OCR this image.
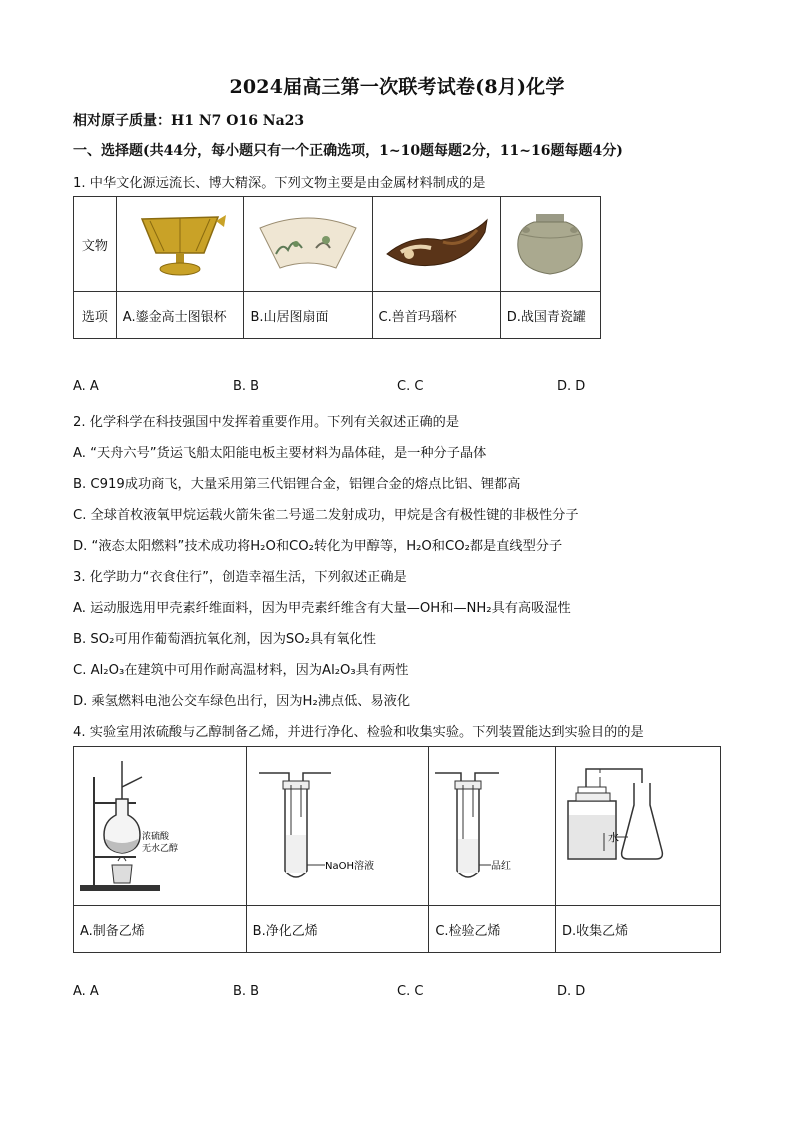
2024届高三第一次联考试卷(8月)化学
相对原子质量：H1 N7 O16 Na23
一、选择题(共44分，每小题只有一个正确选项，1~10题每题2分，11~16题每题4分)
1. 中华文化源远流长、博大精深。下列文物主要是由金属材料制成的是
文物	

选项	A.鎏金高士图银杯	B.山居图扇面	C.兽首玛瑙杯	D.战国青瓷罐
A. A	B. B	C. C	D. D
2. 化学科学在科技强国中发挥着重要作用。下列有关叙述正确的是
A. “天舟六号”货运飞船太阳能电板主要材料为晶体硅，是一种分子晶体
B. C919成功商飞，大量采用第三代铝锂合金，铝锂合金的熔点比铝、锂都高
C. 全球首枚液氧甲烷运载火箭朱雀二号遥二发射成功，甲烷是含有极性键的非极性分子
D. “液态太阳燃料”技术成功将H₂O和CO₂转化为甲醇等，H₂O和CO₂都是直线型分子
3. 化学助力“衣食住行”，创造幸福生活，下列叙述正确是
A. 运动服选用甲壳素纤维面料，因为甲壳素纤维含有大量—OH和—NH₂具有高吸湿性
B. SO₂可用作葡萄酒抗氧化剂，因为SO₂具有氧化性
C. Al₂O₃在建筑中可用作耐高温材料，因为Al₂O₃具有两性
D. 乘氢燃料电池公交车绿色出行，因为H₂沸点低、易液化
4. 实验室用浓硫酸与乙醇制备乙烯，并进行净化、检验和收集实验。下列装置能达到实验目的的是
浓硫酸
无水乙醇	NaOH溶液	品红	水

A.制备乙烯	B.净化乙烯	C.检验乙烯	D.收集乙烯
A. A	B. B	C. C	D. D
